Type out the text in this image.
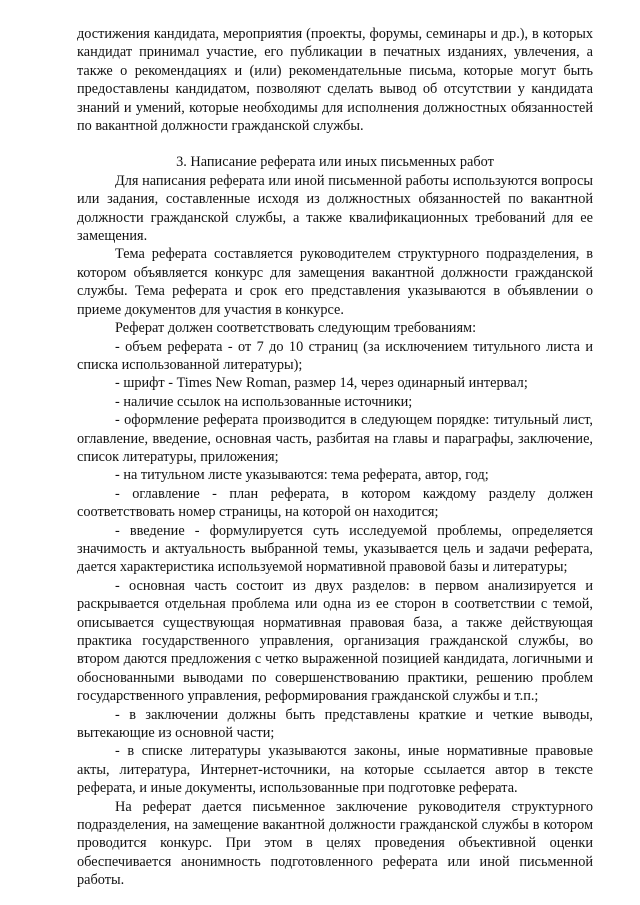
достижения кандидата, мероприятия (проекты, форумы, семинары и др.), в которых кандидат принимал участие, его публикации в печатных изданиях, увлечения, а также о рекомендациях и (или) рекомендательные письма, которые могут быть предоставлены кандидатом, позволяют сделать вывод об отсутствии у кандидата знаний и умений, которые необходимы для исполнения должностных обязанностей по вакантной должности гражданской службы.

3. Написание реферата или иных письменных работ

Для написания реферата или иной письменной работы используются вопросы или задания, составленные исходя из должностных обязанностей по вакантной должности гражданской службы, а также квалификационных требований для ее замещения.

Тема реферата составляется руководителем структурного подразделения, в котором объявляется конкурс для замещения вакантной должности гражданской службы. Тема реферата и срок его представления указываются в объявлении о приеме документов для участия в конкурсе.

Реферат должен соответствовать следующим требованиям:

- объем реферата - от 7 до 10 страниц (за исключением титульного листа и списка использованной литературы);

- шрифт - Times New Roman, размер 14, через одинарный интервал;

- наличие ссылок на использованные источники;

- оформление реферата производится в следующем порядке: титульный лист, оглавление, введение, основная часть, разбитая на главы и параграфы, заключение, список литературы, приложения;

- на титульном листе указываются: тема реферата, автор, год;

- оглавление - план реферата, в котором каждому разделу должен соответствовать номер страницы, на которой он находится;

- введение - формулируется суть исследуемой проблемы, определяется значимость и актуальность выбранной темы, указывается цель и задачи реферата, дается характеристика используемой нормативной правовой базы и литературы;

- основная часть состоит из двух разделов: в первом анализируется и раскрывается отдельная проблема или одна из ее сторон в соответствии с темой, описывается существующая нормативная правовая база, а также действующая практика государственного управления, организация гражданской службы, во втором даются предложения с четко выраженной позицией кандидата, логичными и обоснованными выводами по совершенствованию практики, решению проблем государственного управления, реформирования гражданской службы и т.п.;

- в заключении должны быть представлены краткие и четкие выводы, вытекающие из основной части;

- в списке литературы указываются законы, иные нормативные правовые акты, литература, Интернет-источники, на которые ссылается автор в тексте реферата, и иные документы, использованные при подготовке реферата.

На реферат дается письменное заключение руководителя структурного подразделения, на замещение вакантной должности гражданской службы в котором проводится конкурс. При этом в целях проведения объективной оценки обеспечивается анонимность подготовленного реферата или иной письменной работы.
